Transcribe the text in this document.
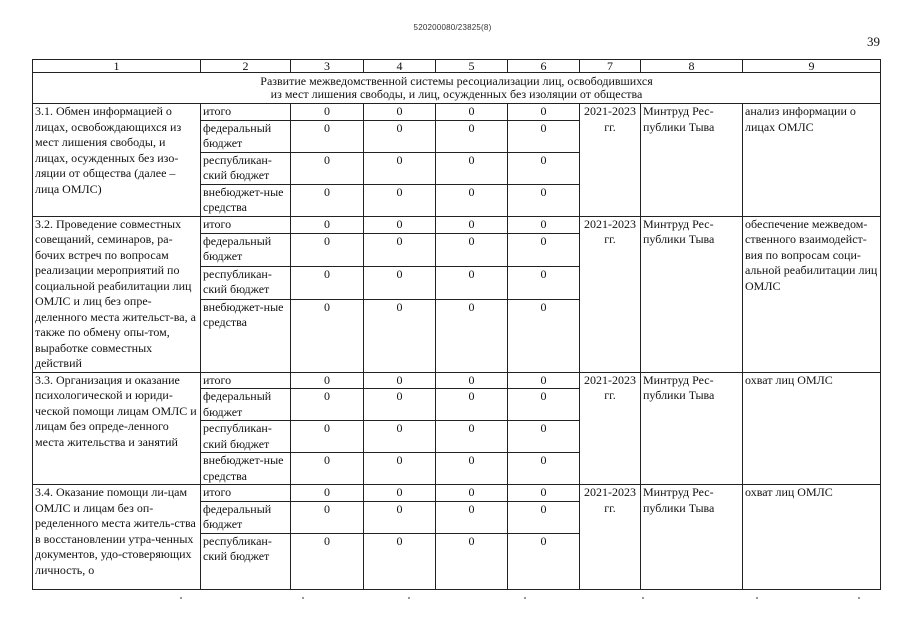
520200080/23825(8)
39
1	2	3	4	5	6	7	8	9

Развитие межведомственной системы ресоциализации лиц, освободившихся
из мест лишения свободы, и лиц, осужденных без изоляции от общества								

3.1. Обмен информацией о лицах, освобождающихся из мест лишения свободы, и лицах, осужденных без изо-ляции от общества (далее – лица ОМЛС)	итого	0	0	0	0	2021-2023 гг.	Минтруд Рес-публики Тыва	анализ информации о лицах ОМЛС
	федеральный бюджет	0	0	0	0			
	республикан-ский бюджет	0	0	0	0			
	внебюджет-ные средства	0	0	0	0			
3.2. Проведение совместных совещаний, семинаров, ра-бочих встреч по вопросам реализации мероприятий по социальной реабилитации лиц ОМЛС и лиц без опре-деленного места жительст-ва, а также по обмену опы-том, выработке совместных действий	итого	0	0	0	0	2021-2023 гг.	Минтруд Рес-публики Тыва	обеспечение межведом-ственного взаимодейст-вия по вопросам соци-альной реабилитации лиц ОМЛС
	федеральный бюджет	0	0	0	0			
	республикан-ский бюджет	0	0	0	0			
	внебюджет-ные средства	0	0	0	0			
3.3. Организация и оказание психологической и юриди-ческой помощи лицам ОМЛС и лицам без опреде-ленного места жительства и занятий	итого	0	0	0	0	2021-2023 гг.	Минтруд Рес-публики Тыва	охват лиц ОМЛС
	федеральный бюджет	0	0	0	0			
	республикан-ский бюджет	0	0	0	0			
	внебюджет-ные средства	0	0	0	0			
3.4. Оказание помощи ли-цам ОМЛС и лицам без оп-ределенного места житель-ства в восстановлении утра-ченных документов, удо-стоверяющих личность, о	итого	0	0	0	0	2021-2023 гг.	Минтруд Рес-публики Тыва	охват лиц ОМЛС
	федеральный бюджет	0	0	0	0			
	республикан-ский бюджет	0	0	0	0			
